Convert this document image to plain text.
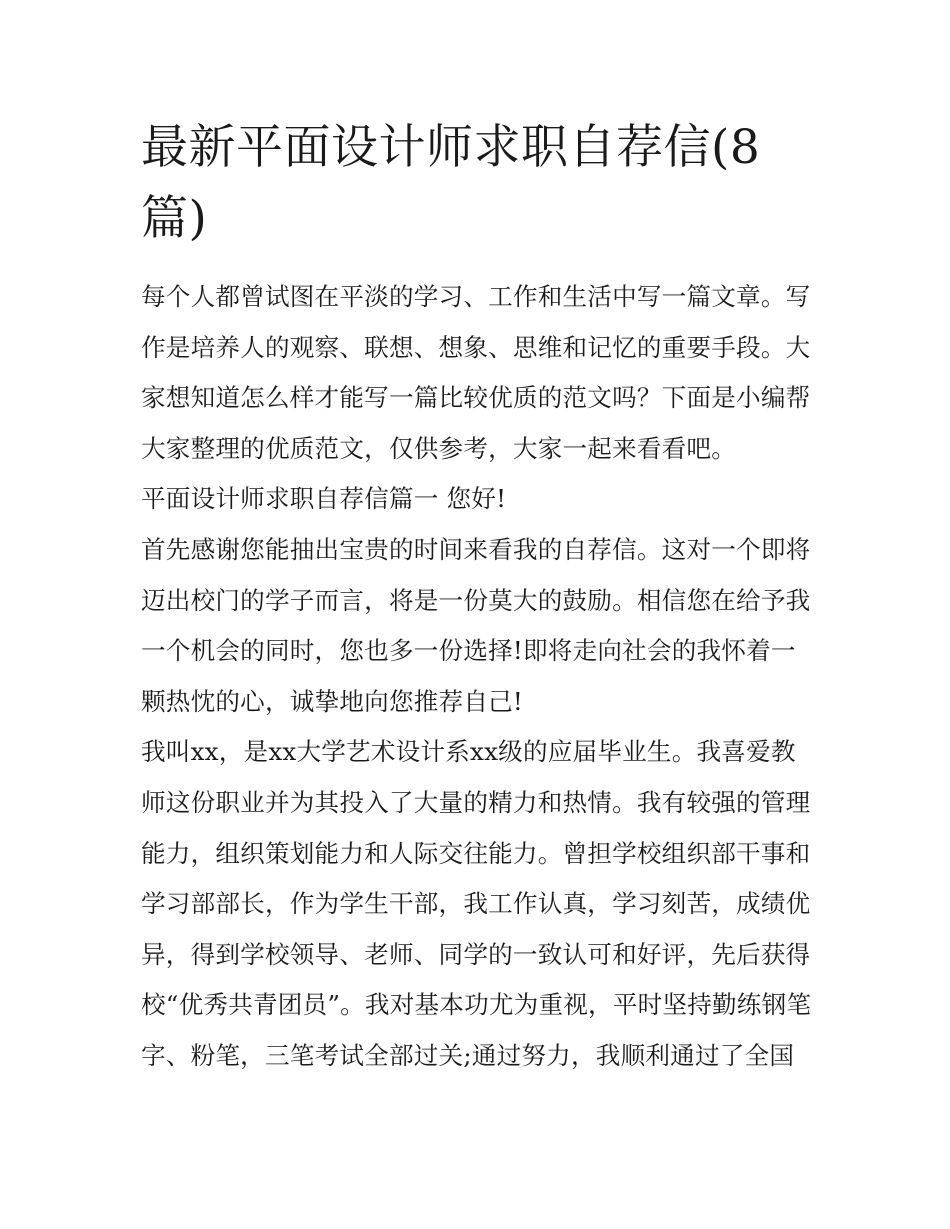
最新平面设计师求职自荐信(8
篇)

每个人都曾试图在平淡的学习、工作和生活中写一篇文章。写
作是培养人的观察、联想、想象、思维和记忆的重要手段。大
家想知道怎么样才能写一篇比较优质的范文吗？下面是小编帮
大家整理的优质范文，仅供参考，大家一起来看看吧。

平面设计师求职自荐信篇一 您好!

首先感谢您能抽出宝贵的时间来看我的自荐信。这对一个即将
迈出校门的学子而言，将是一份莫大的鼓励。相信您在给予我
一个机会的同时，您也多一份选择!即将走向社会的我怀着一
颗热忱的心，诚挚地向您推荐自己!

我叫xx，是xx大学艺术设计系xx级的应届毕业生。我喜爱教
师这份职业并为其投入了大量的精力和热情。我有较强的管理
能力，组织策划能力和人际交往能力。曾担学校组织部干事和
学习部部长，作为学生干部，我工作认真，学习刻苦，成绩优
异，得到学校领导、老师、同学的一致认可和好评，先后获得
校“优秀共青团员”。我对基本功尤为重视，平时坚持勤练钢笔
字、粉笔，三笔考试全部过关;通过努力，我顺利通过了全国
